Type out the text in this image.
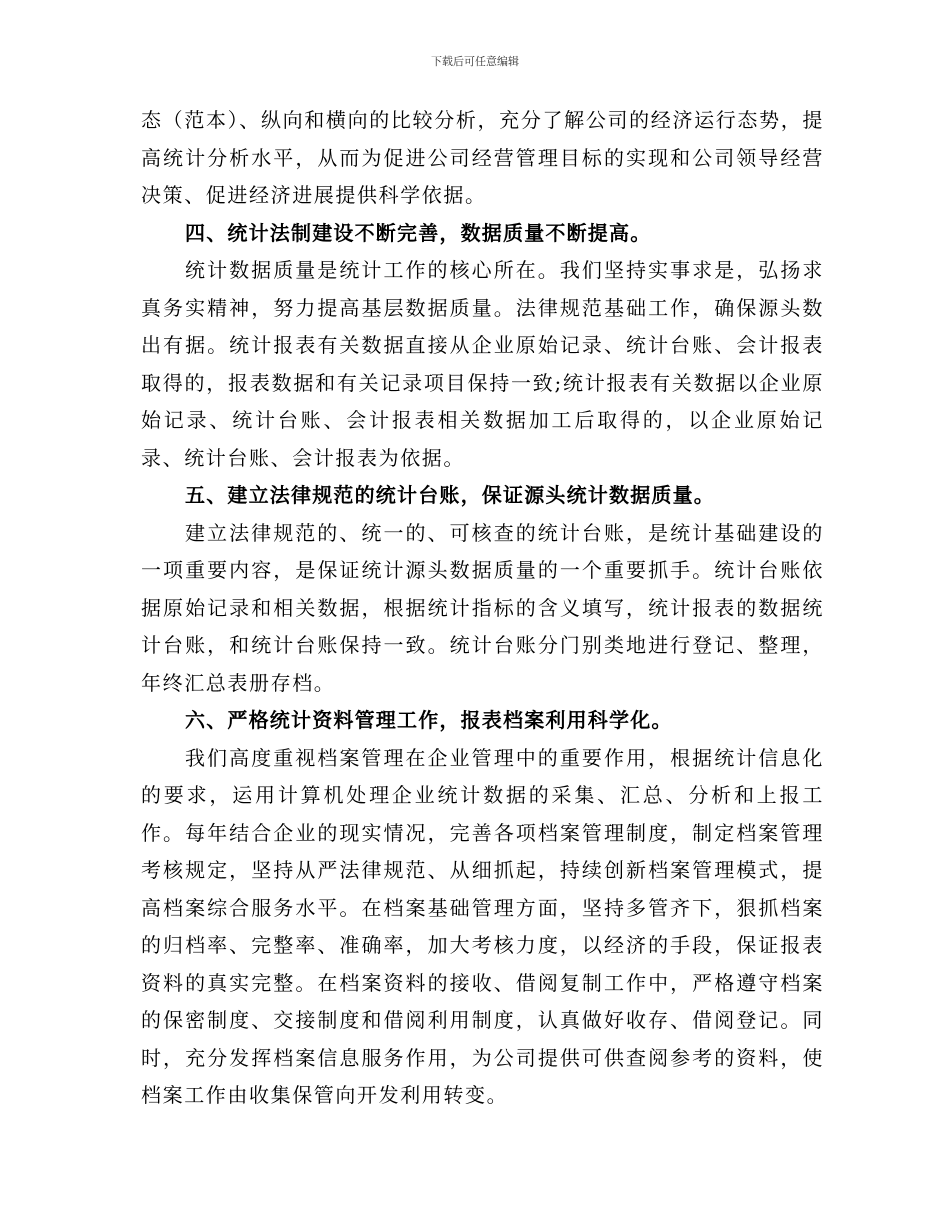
下载后可任意编辑

态（范本）、纵向和横向的比较分析，充分了解公司的经济运行态势，提高统计分析水平，从而为促进公司经营管理目标的实现和公司领导经营决策、促进经济进展提供科学依据。

四、统计法制建设不断完善，数据质量不断提高。

统计数据质量是统计工作的核心所在。我们坚持实事求是，弘扬求真务实精神，努力提高基层数据质量。法律规范基础工作，确保源头数出有据。统计报表有关数据直接从企业原始记录、统计台账、会计报表取得的，报表数据和有关记录项目保持一致;统计报表有关数据以企业原始记录、统计台账、会计报表相关数据加工后取得的，以企业原始记录、统计台账、会计报表为依据。

五、建立法律规范的统计台账，保证源头统计数据质量。

建立法律规范的、统一的、可核查的统计台账，是统计基础建设的一项重要内容，是保证统计源头数据质量的一个重要抓手。统计台账依据原始记录和相关数据，根据统计指标的含义填写，统计报表的数据统计台账，和统计台账保持一致。统计台账分门别类地进行登记、整理，年终汇总表册存档。

六、严格统计资料管理工作，报表档案利用科学化。

我们高度重视档案管理在企业管理中的重要作用，根据统计信息化的要求，运用计算机处理企业统计数据的采集、汇总、分析和上报工作。每年结合企业的现实情况，完善各项档案管理制度，制定档案管理考核规定，坚持从严法律规范、从细抓起，持续创新档案管理模式，提高档案综合服务水平。在档案基础管理方面，坚持多管齐下，狠抓档案的归档率、完整率、准确率，加大考核力度，以经济的手段，保证报表资料的真实完整。在档案资料的接收、借阅复制工作中，严格遵守档案的保密制度、交接制度和借阅利用制度，认真做好收存、借阅登记。同时，充分发挥档案信息服务作用，为公司提供可供查阅参考的资料，使档案工作由收集保管向开发利用转变。
